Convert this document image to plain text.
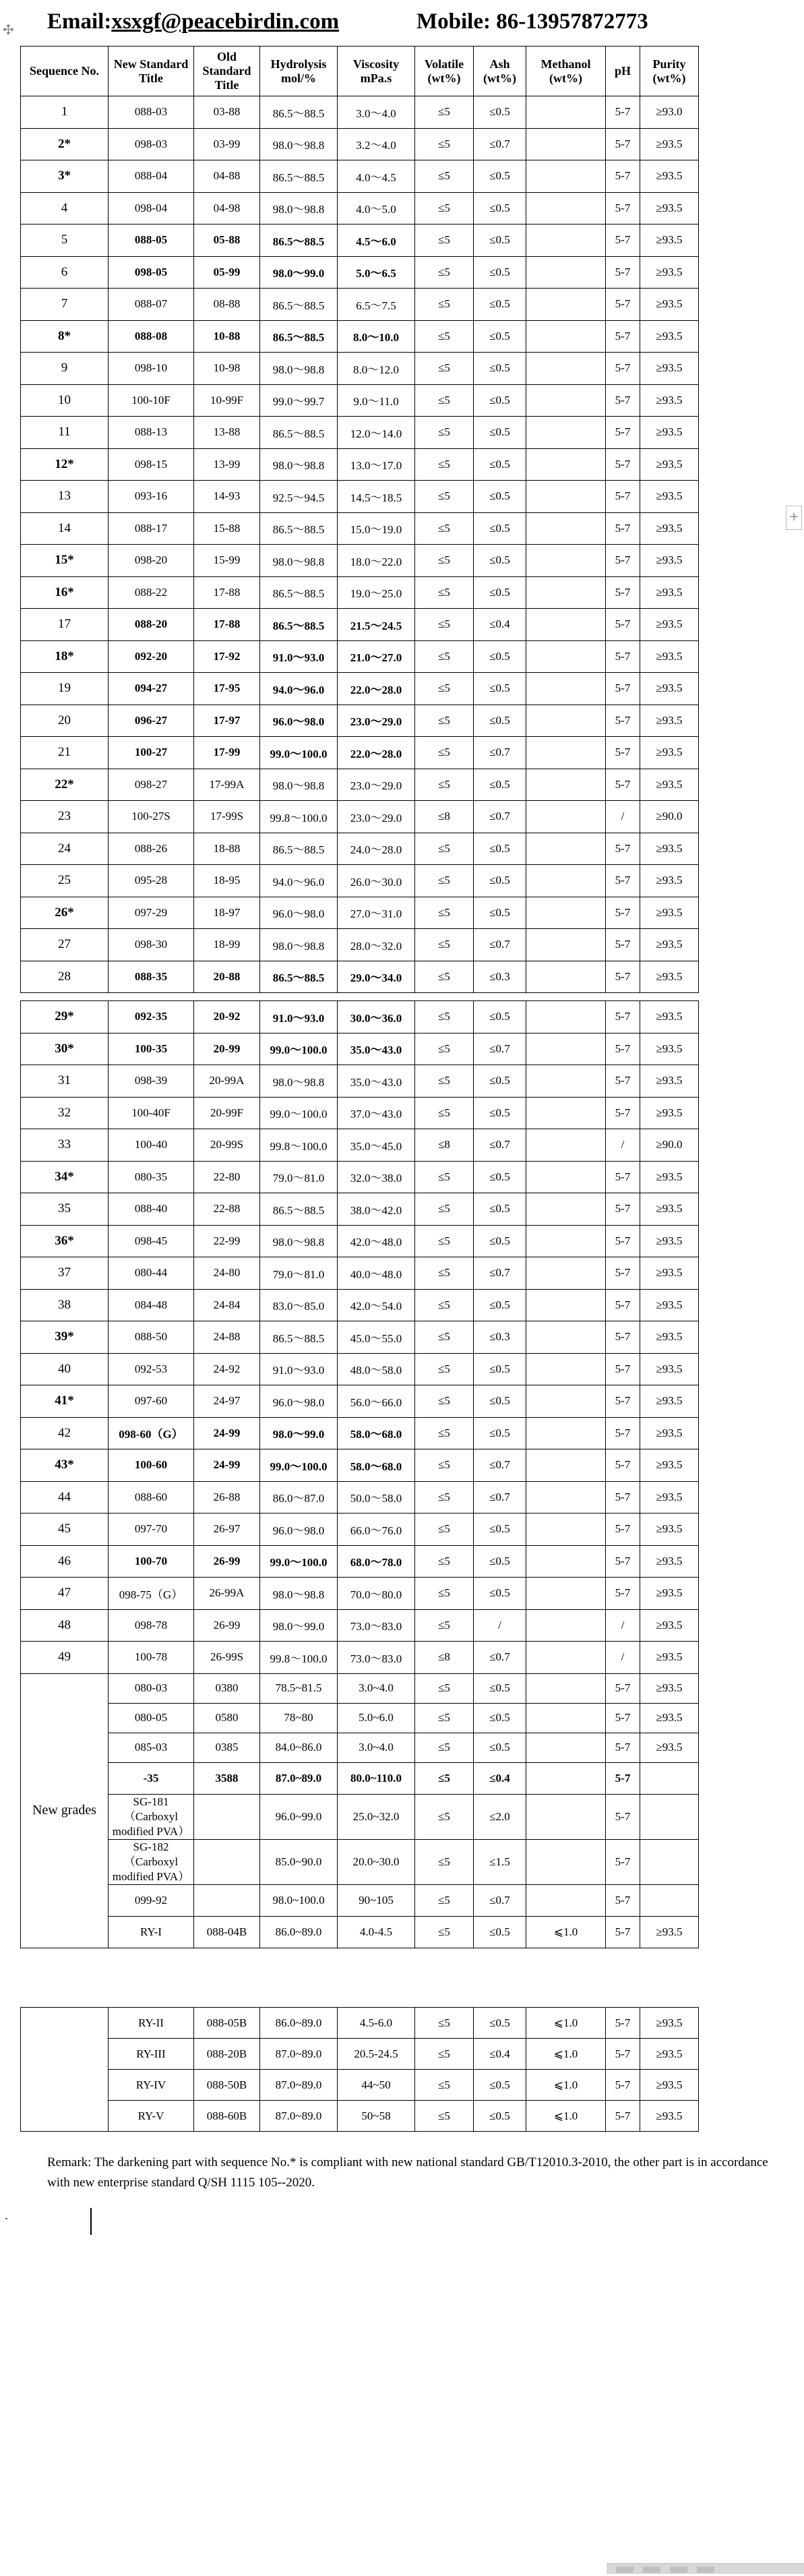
Email:xsxgf@peacebirdin.com	Mobile: 86-13957872773
✣
+
Sequence No.	New Standard Title	Old Standard Title	Hydrolysis mol/%	Viscosity mPa.s	Volatile (wt%)	Ash (wt%)	Methanol (wt%)	pH	Purity (wt%)
1	088-03	03-88	86.5～88.5	3.0～4.0	≤5	≤0.5		5-7	≥93.0
2*	098-03	03-99	98.0～98.8	3.2～4.0	≤5	≤0.7		5-7	≥93.5
3*	088-04	04-88	86.5～88.5	4.0～4.5	≤5	≤0.5		5-7	≥93.5
4	098-04	04-98	98.0～98.8	4.0～5.0	≤5	≤0.5		5-7	≥93.5
5	088-05	05-88	86.5～88.5	4.5～6.0	≤5	≤0.5		5-7	≥93.5
6	098-05	05-99	98.0～99.0	5.0～6.5	≤5	≤0.5		5-7	≥93.5
7	088-07	08-88	86.5～88.5	6.5～7.5	≤5	≤0.5		5-7	≥93.5
8*	088-08	10-88	86.5～88.5	8.0～10.0	≤5	≤0.5		5-7	≥93.5
9	098-10	10-98	98.0～98.8	8.0～12.0	≤5	≤0.5		5-7	≥93.5
10	100-10F	10-99F	99.0～99.7	9.0～11.0	≤5	≤0.5		5-7	≥93.5
11	088-13	13-88	86.5～88.5	12.0～14.0	≤5	≤0.5		5-7	≥93.5
12*	098-15	13-99	98.0～98.8	13.0～17.0	≤5	≤0.5		5-7	≥93.5
13	093-16	14-93	92.5～94.5	14.5～18.5	≤5	≤0.5		5-7	≥93.5
14	088-17	15-88	86.5～88.5	15.0～19.0	≤5	≤0.5		5-7	≥93.5
15*	098-20	15-99	98.0～98.8	18.0～22.0	≤5	≤0.5		5-7	≥93.5
16*	088-22	17-88	86.5～88.5	19.0～25.0	≤5	≤0.5		5-7	≥93.5
17	088-20	17-88	86.5～88.5	21.5～24.5	≤5	≤0.4		5-7	≥93.5
18*	092-20	17-92	91.0～93.0	21.0～27.0	≤5	≤0.5		5-7	≥93.5
19	094-27	17-95	94.0～96.0	22.0～28.0	≤5	≤0.5		5-7	≥93.5
20	096-27	17-97	96.0～98.0	23.0～29.0	≤5	≤0.5		5-7	≥93.5
21	100-27	17-99	99.0～100.0	22.0～28.0	≤5	≤0.7		5-7	≥93.5
22*	098-27	17-99A	98.0～98.8	23.0～29.0	≤5	≤0.5		5-7	≥93.5
23	100-27S	17-99S	99.8～100.0	23.0～29.0	≤8	≤0.7		/	≥90.0
24	088-26	18-88	86.5～88.5	24.0～28.0	≤5	≤0.5		5-7	≥93.5
25	095-28	18-95	94.0～96.0	26.0～30.0	≤5	≤0.5		5-7	≥93.5
26*	097-29	18-97	96.0～98.0	27.0～31.0	≤5	≤0.5		5-7	≥93.5
27	098-30	18-99	98.0～98.8	28.0～32.0	≤5	≤0.7		5-7	≥93.5
28	088-35	20-88	86.5～88.5	29.0～34.0	≤5	≤0.3		5-7	≥93.5
29*	092-35	20-92	91.0～93.0	30.0～36.0	≤5	≤0.5		5-7	≥93.5
30*	100-35	20-99	99.0～100.0	35.0～43.0	≤5	≤0.7		5-7	≥93.5
31	098-39	20-99A	98.0～98.8	35.0～43.0	≤5	≤0.5		5-7	≥93.5
32	100-40F	20-99F	99.0～100.0	37.0～43.0	≤5	≤0.5		5-7	≥93.5
33	100-40	20-99S	99.8～100.0	35.0～45.0	≤8	≤0.7		/	≥90.0
34*	080-35	22-80	79.0～81.0	32.0～38.0	≤5	≤0.5		5-7	≥93.5
35	088-40	22-88	86.5～88.5	38.0～42.0	≤5	≤0.5		5-7	≥93.5
36*	098-45	22-99	98.0～98.8	42.0～48.0	≤5	≤0.5		5-7	≥93.5
37	080-44	24-80	79.0～81.0	40.0～48.0	≤5	≤0.7		5-7	≥93.5
38	084-48	24-84	83.0～85.0	42.0～54.0	≤5	≤0.5		5-7	≥93.5
39*	088-50	24-88	86.5～88.5	45.0～55.0	≤5	≤0.3		5-7	≥93.5
40	092-53	24-92	91.0～93.0	48.0～58.0	≤5	≤0.5		5-7	≥93.5
41*	097-60	24-97	96.0～98.0	56.0～66.0	≤5	≤0.5		5-7	≥93.5
42	098-60（G）	24-99	98.0～99.0	58.0～68.0	≤5	≤0.5		5-7	≥93.5
43*	100-60	24-99	99.0～100.0	58.0～68.0	≤5	≤0.7		5-7	≥93.5
44	088-60	26-88	86.0～87.0	50.0～58.0	≤5	≤0.7		5-7	≥93.5
45	097-70	26-97	96.0～98.0	66.0～76.0	≤5	≤0.5		5-7	≥93.5
46	100-70	26-99	99.0～100.0	68.0～78.0	≤5	≤0.5		5-7	≥93.5
47	098-75（G）	26-99A	98.0～98.8	70.0～80.0	≤5	≤0.5		5-7	≥93.5
48	098-78	26-99	98.0～99.0	73.0～83.0	≤5	/		/	≥93.5
49	100-78	26-99S	99.8～100.0	73.0～83.0	≤8	≤0.7		/	≥93.5
New grades	080-03	0380	78.5~81.5	3.0~4.0	≤5	≤0.5		5-7	≥93.5
	080-05	0580	78~80	5.0~6.0	≤5	≤0.5		5-7	≥93.5
	085-03	0385	84.0~86.0	3.0~4.0	≤5	≤0.5		5-7	≥93.5
	-35	3588	87.0~89.0	80.0~110.0	≤5	≤0.4		5-7	
	SG-181（Carboxyl modified PVA）		96.0~99.0	25.0~32.0	≤5	≤2.0		5-7	
	SG-182（Carboxyl modified PVA）		85.0~90.0	20.0~30.0	≤5	≤1.5		5-7	
	099-92		98.0~100.0	90~105	≤5	≤0.7		5-7	
	RY-I	088-04B	86.0~89.0	4.0-4.5	≤5	≤0.5	⩽1.0	5-7	≥93.5
	RY-II	088-05B	86.0~89.0	4.5-6.0	≤5	≤0.5	⩽1.0	5-7	≥93.5
	RY-III	088-20B	87.0~89.0	20.5-24.5	≤5	≤0.4	⩽1.0	5-7	≥93.5
	RY-IV	088-50B	87.0~89.0	44~50	≤5	≤0.5	⩽1.0	5-7	≥93.5
	RY-V	088-60B	87.0~89.0	50~58	≤5	≤0.5	⩽1.0	5-7	≥93.5
Remark: The darkening part with sequence No.* is compliant with new national standard GB/T12010.3-2010, the other part is in accordance with new enterprise standard Q/SH 1115 105--2020.
